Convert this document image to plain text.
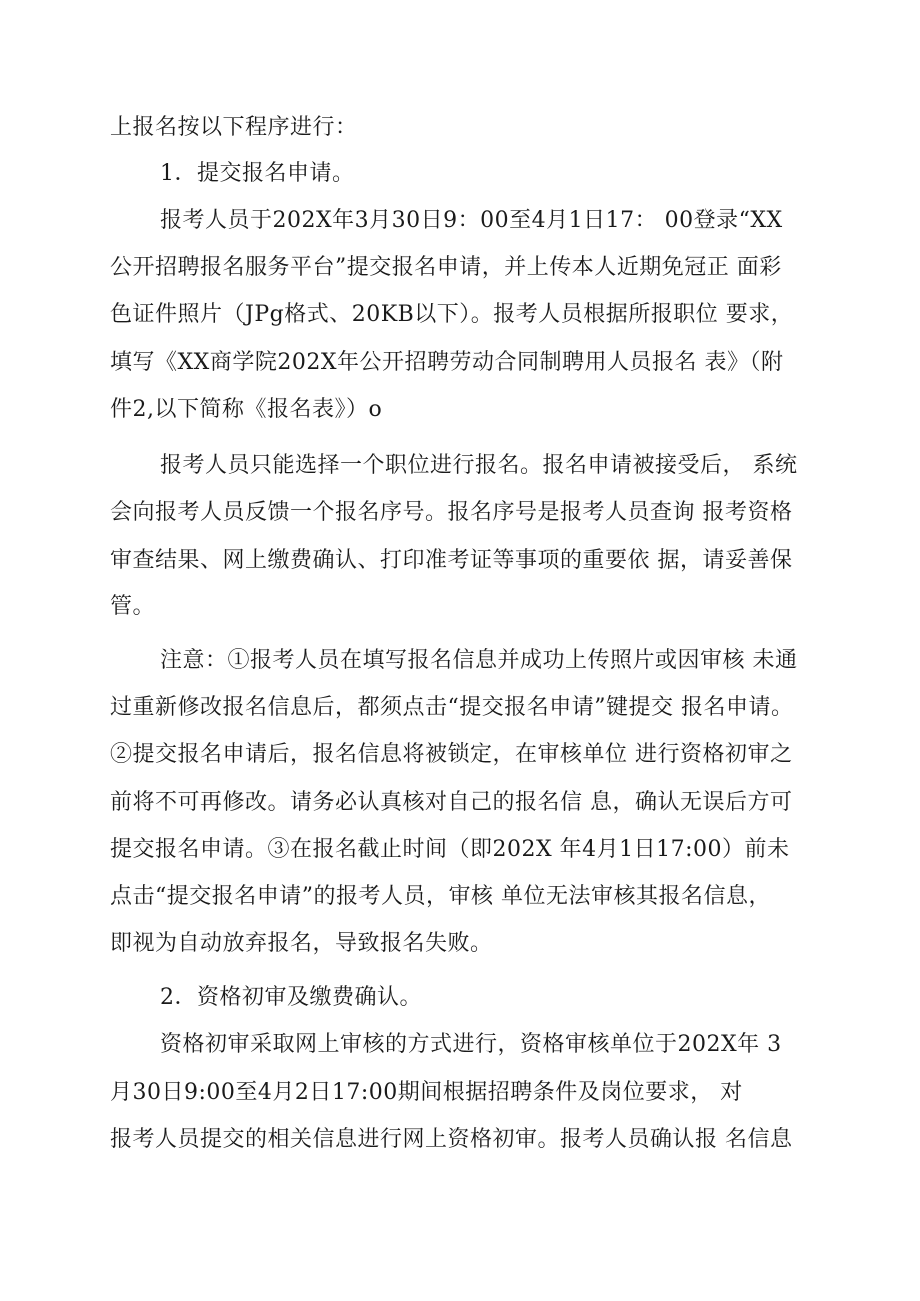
上报名按以下程序进行：
1．提交报名申请。
报考人员于202X年3月30日9：00至4月1日17： 00登录“XX
公开招聘报名服务平台”提交报名申请，并上传本人近期免冠正 面彩
色证件照片（JPg格式、20KB以下）。报考人员根据所报职位 要求，
填写《XX商学院202X年公开招聘劳动合同制聘用人员报名 表》（附
件2,以下简称《报名表》）o
报考人员只能选择一个职位进行报名。报名申请被接受后， 系统
会向报考人员反馈一个报名序号。报名序号是报考人员查询 报考资格
审查结果、网上缴费确认、打印准考证等事项的重要依 据，请妥善保
管。
注意：①报考人员在填写报名信息并成功上传照片或因审核 未通
过重新修改报名信息后，都须点击“提交报名申请”键提交 报名申请。
②提交报名申请后，报名信息将被锁定，在审核单位 进行资格初审之
前将不可再修改。请务必认真核对自己的报名信 息，确认无误后方可
提交报名申请。③在报名截止时间（即202X 年4月1日17:00）前未
点击“提交报名申请”的报考人员，审核 单位无法审核其报名信息，
即视为自动放弃报名，导致报名失败。
2．资格初审及缴费确认。
资格初审采取网上审核的方式进行，资格审核单位于202X年 3
月30日9:00至4月2日17:00期间根据招聘条件及岗位要求， 对
报考人员提交的相关信息进行网上资格初审。报考人员确认报 名信息
